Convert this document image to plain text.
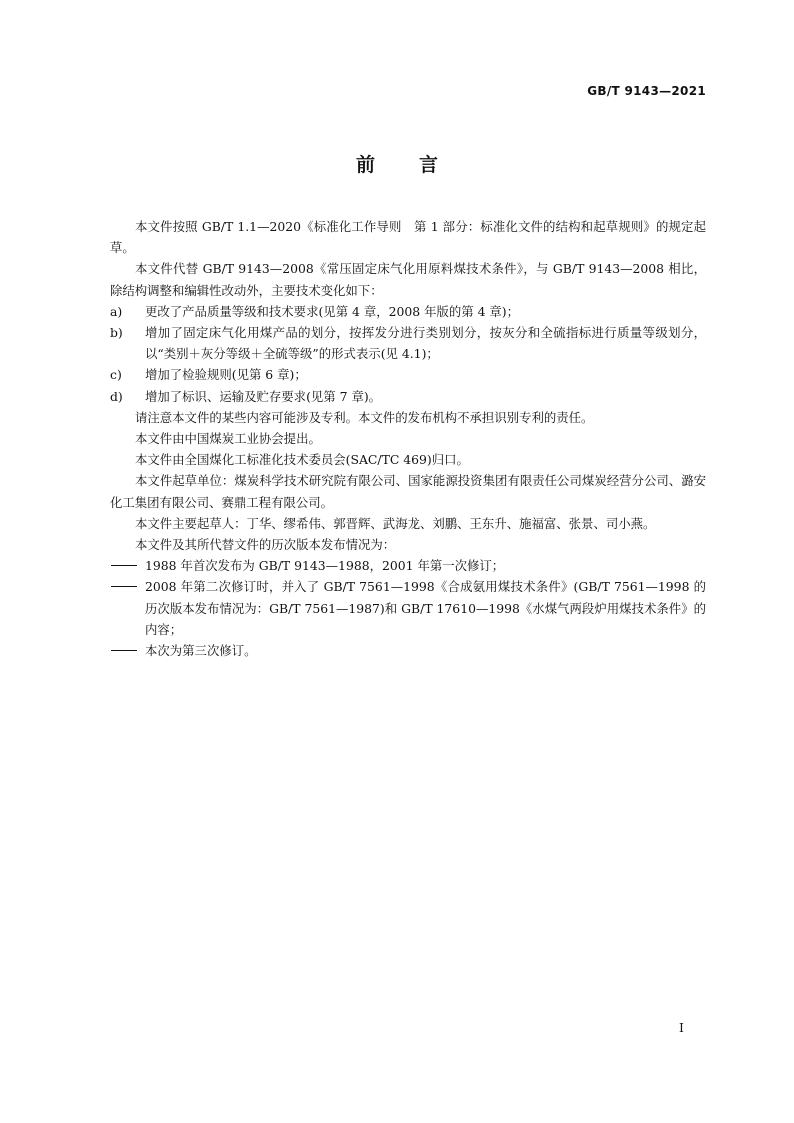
GB/T 9143—2021
前言

本文件按照 GB/T 1.1—2020《标准化工作导则　第 1 部分：标准化文件的结构和起草规则》的规定起草。

本文件代替 GB/T 9143—2008《常压固定床气化用原料煤技术条件》，与 GB/T 9143—2008 相比，除结构调整和编辑性改动外，主要技术变化如下：

a)	更改了产品质量等级和技术要求(见第 4 章，2008 年版的第 4 章)；
b)	增加了固定床气化用煤产品的划分，按挥发分进行类别划分，按灰分和全硫指标进行质量等级划分，以“类别＋灰分等级＋全硫等级”的形式表示(见 4.1)；
c)	增加了检验规则(见第 6 章)；
d)	增加了标识、运输及贮存要求(见第 7 章)。

请注意本文件的某些内容可能涉及专利。本文件的发布机构不承担识别专利的责任。

本文件由中国煤炭工业协会提出。

本文件由全国煤化工标准化技术委员会(SAC/TC 469)归口。

本文件起草单位：煤炭科学技术研究院有限公司、国家能源投资集团有限责任公司煤炭经营分公司、潞安化工集团有限公司、赛鼎工程有限公司。

本文件主要起草人：丁华、缪希伟、郭晋辉、武海龙、刘鹏、王东升、施福富、张景、司小燕。

本文件及其所代替文件的历次版本发布情况为：

1988 年首次发布为 GB/T 9143—1988，2001 年第一次修订；
2008 年第二次修订时，并入了 GB/T 7561—1998《合成氨用煤技术条件》(GB/T 7561—1998 的历次版本发布情况为：GB/T 7561—1987)和 GB/T 17610—1998《水煤气两段炉用煤技术条件》的内容；
本次为第三次修订。
I
